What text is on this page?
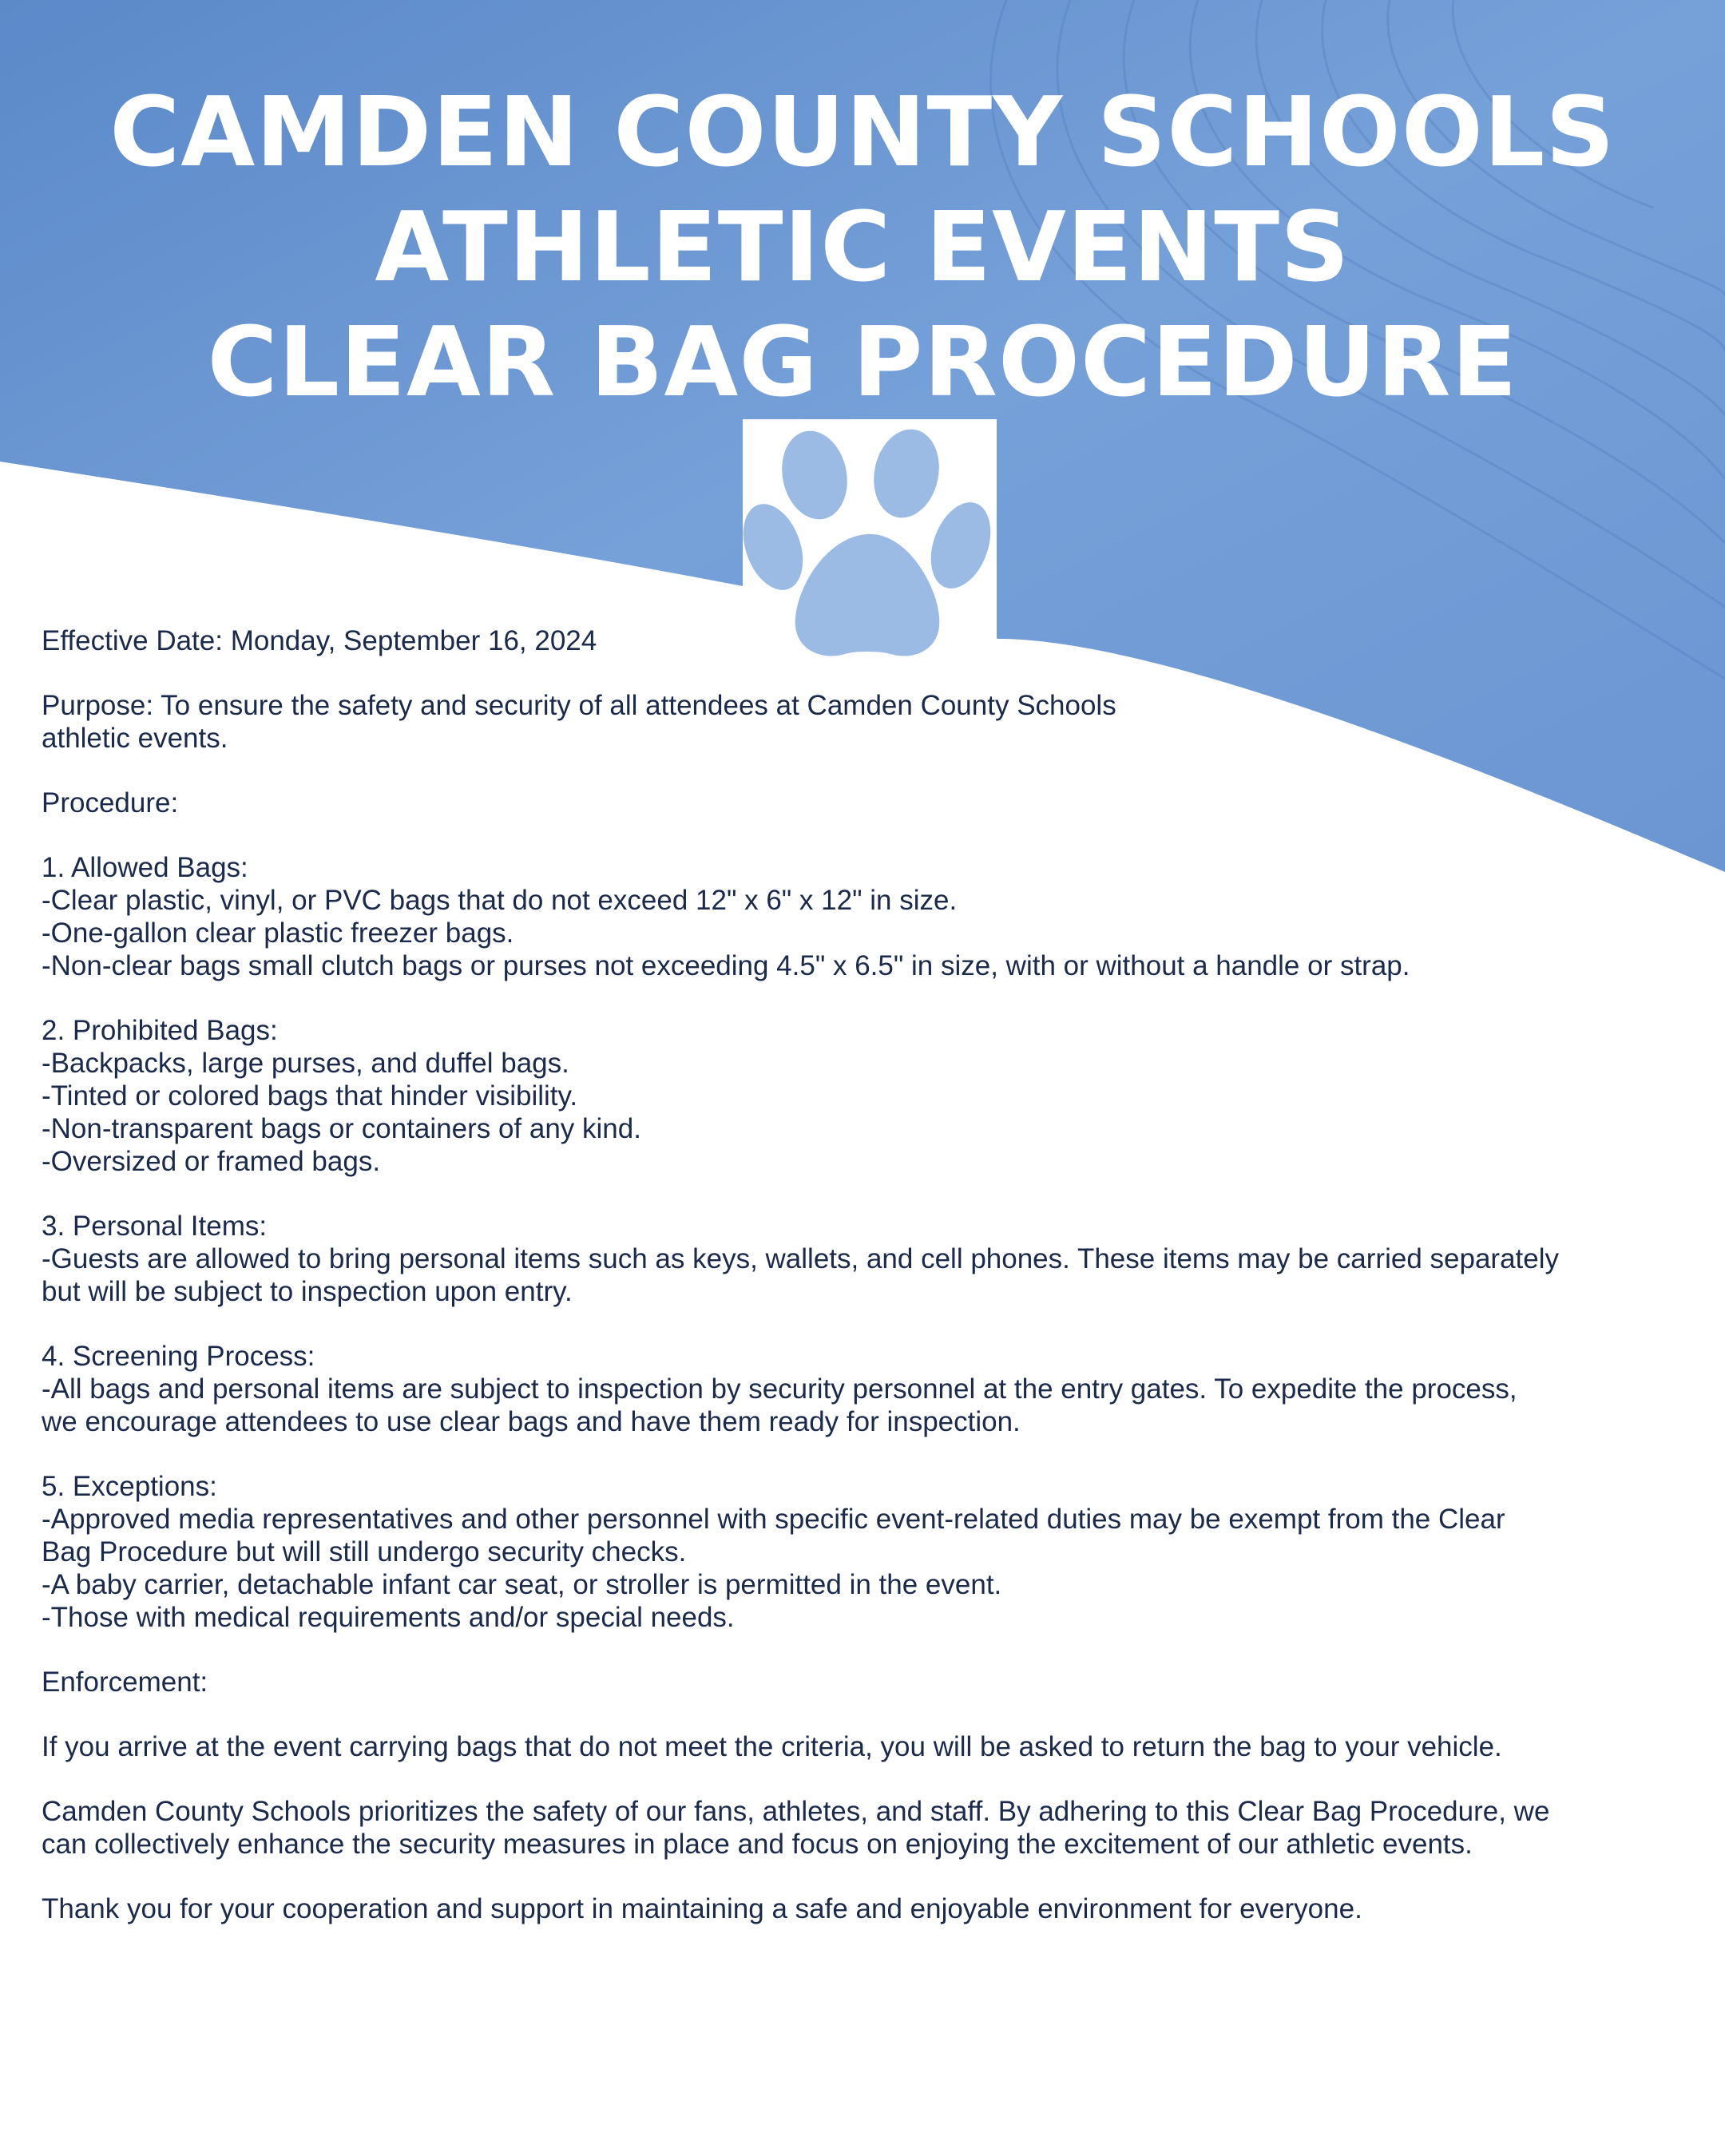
CAMDEN COUNTY SCHOOLS
ATHLETIC EVENTS
CLEAR BAG PROCEDURE

Effective Date: Monday, September 16, 2024

Purpose: To ensure the safety and security of all attendees at Camden County Schools
athletic events.

Procedure:

1. Allowed Bags:

-Clear plastic, vinyl, or PVC bags that do not exceed 12" x 6" x 12" in size.

-One-gallon clear plastic freezer bags.

-Non-clear bags small clutch bags or purses not exceeding 4.5" x 6.5" in size, with or without a handle or strap.

2. Prohibited Bags:

-Backpacks, large purses, and duffel bags.

-Tinted or colored bags that hinder visibility.

-Non-transparent bags or containers of any kind.

-Oversized or framed bags.

3. Personal Items:

-Guests are allowed to bring personal items such as keys, wallets, and cell phones. These items may be carried separately but will be subject to inspection upon entry.

4. Screening Process:

-All bags and personal items are subject to inspection by security personnel at the entry gates. To expedite the process, we encourage attendees to use clear bags and have them ready for inspection.

5. Exceptions:

-Approved media representatives and other personnel with specific event-related duties may be exempt from the Clear Bag Procedure but will still undergo security checks.

-A baby carrier, detachable infant car seat, or stroller is permitted in the event.

-Those with medical requirements and/or special needs.

Enforcement:

If you arrive at the event carrying bags that do not meet the criteria, you will be asked to return the bag to your vehicle.

Camden County Schools prioritizes the safety of our fans, athletes, and staff. By adhering to this Clear Bag Procedure, we can collectively enhance the security measures in place and focus on enjoying the excitement of our athletic events.

Thank you for your cooperation and support in maintaining a safe and enjoyable environment for everyone.
